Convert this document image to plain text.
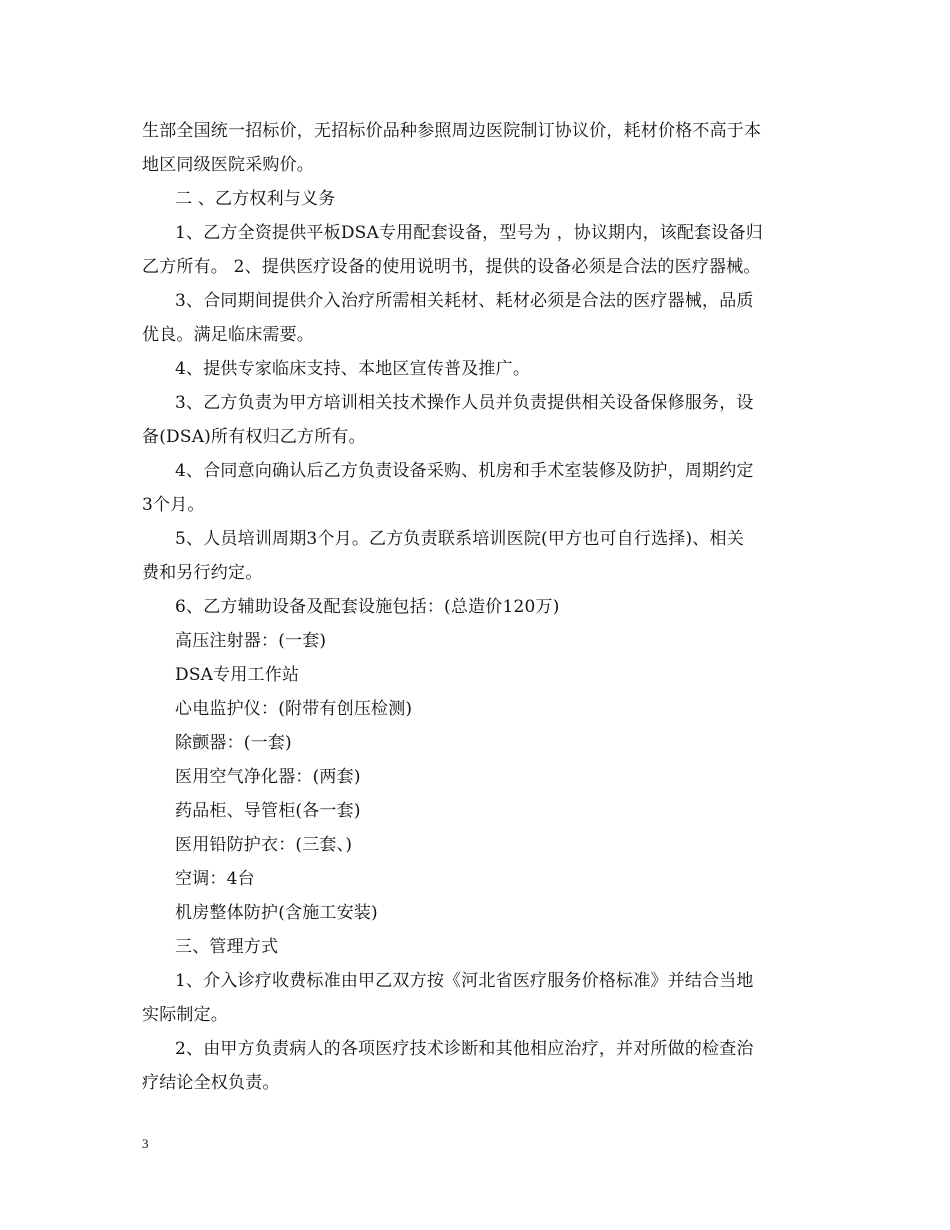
生部全国统一招标价，无招标价品种参照周边医院制订协议价，耗材价格不高于本
地区同级医院采购价。
二 、乙方权利与义务
1、乙方全资提供平板DSA专用配套设备，型号为 ，协议期内，该配套设备归
乙方所有。 2、提供医疗设备的使用说明书，提供的设备必须是合法的医疗器械。
3、合同期间提供介入治疗所需相关耗材、耗材必须是合法的医疗器械，品质
优良。满足临床需要。
4、提供专家临床支持、本地区宣传普及推广。
3、乙方负责为甲方培训相关技术操作人员并负责提供相关设备保修服务，设
备(DSA)所有权归乙方所有。
4、合同意向确认后乙方负责设备采购、机房和手术室装修及防护，周期约定
3个月。
5、人员培训周期3个月。乙方负责联系培训医院(甲方也可自行选择)、相关
费和另行约定。
6、乙方辅助设备及配套设施包括：(总造价120万)
高压注射器：(一套)
DSA专用工作站
心电监护仪：(附带有创压检测)
除颤器：(一套)
医用空气净化器：(两套)
药品柜、导管柜(各一套)
医用铅防护衣：(三套、)
空调：4台
机房整体防护(含施工安装)
三、管理方式
1、介入诊疗收费标准由甲乙双方按《河北省医疗服务价格标准》并结合当地
实际制定。
2、由甲方负责病人的各项医疗技术诊断和其他相应治疗，并对所做的检查治
疗结论全权负责。
3
